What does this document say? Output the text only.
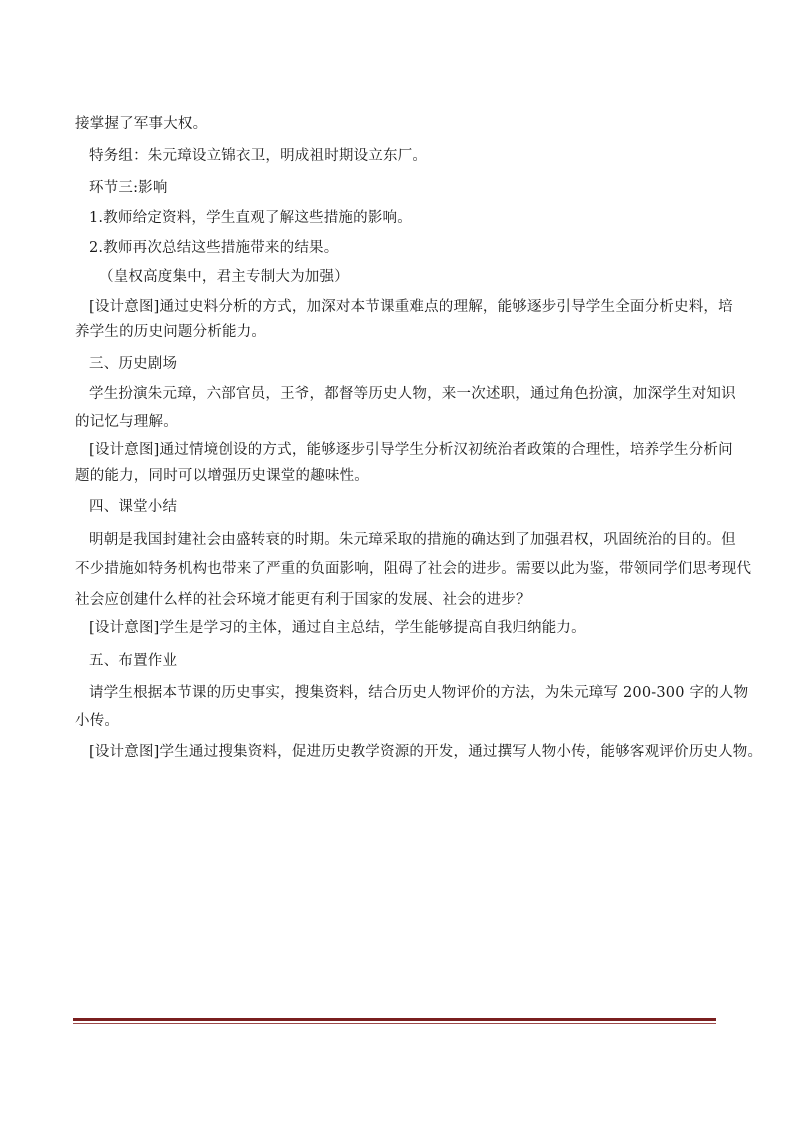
接掌握了军事大权。
特务组：朱元璋设立锦衣卫，明成祖时期设立东厂。
环节三:影响
1.教师给定资料，学生直观了解这些措施的影响。
2.教师再次总结这些措施带来的结果。
（皇权高度集中，君主专制大为加强）
[设计意图]通过史料分析的方式，加深对本节课重难点的理解，能够逐步引导学生全面分析史料，培
养学生的历史问题分析能力。
三、历史剧场
学生扮演朱元璋，六部官员，王爷，都督等历史人物，来一次述职，通过角色扮演，加深学生对知识
的记忆与理解。
[设计意图]通过情境创设的方式，能够逐步引导学生分析汉初统治者政策的合理性，培养学生分析问
题的能力，同时可以增强历史课堂的趣味性。
四、课堂小结
明朝是我国封建社会由盛转衰的时期。朱元璋采取的措施的确达到了加强君权，巩固统治的目的。但
不少措施如特务机构也带来了严重的负面影响，阻碍了社会的进步。需要以此为鉴，带领同学们思考现代
社会应创建什么样的社会环境才能更有利于国家的发展、社会的进步？
[设计意图]学生是学习的主体，通过自主总结，学生能够提高自我归纳能力。
五、布置作业
请学生根据本节课的历史事实，搜集资料，结合历史人物评价的方法，为朱元璋写 200-300 字的人物
小传。
[设计意图]学生通过搜集资料，促进历史教学资源的开发，通过撰写人物小传，能够客观评价历史人物。
